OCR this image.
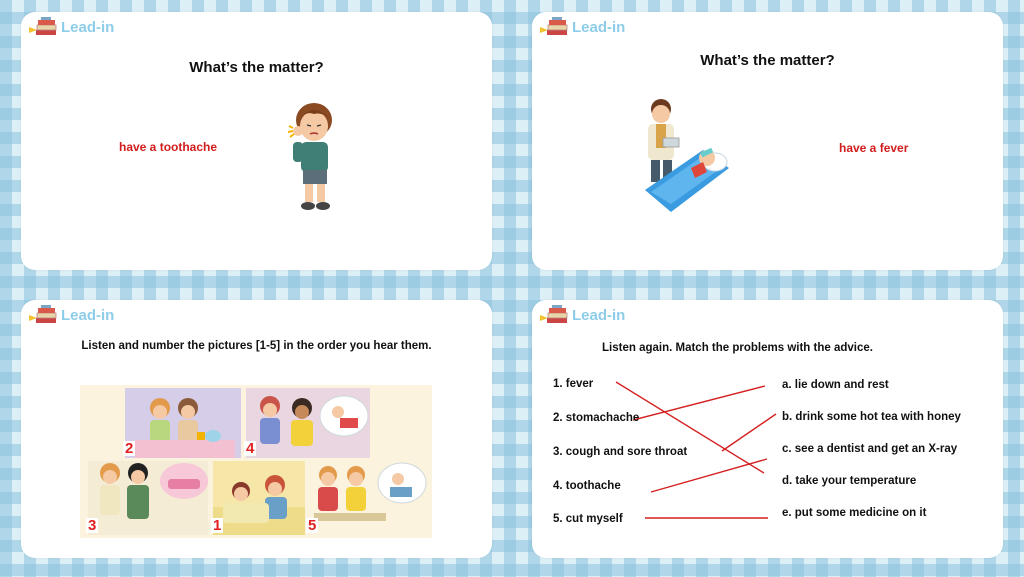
Lead-in
What’s the matter?
have a toothache
Lead-in
What’s the matter?
have a fever
Lead-in
Listen and number the pictures [1-5] in the order you hear them.
2	4
3	1	5
Lead-in
Listen again. Match the problems with the advice.
1. fever
2. stomachache
3. cough and sore throat
4. toothache
5. cut myself
a. lie down and rest
b. drink some hot tea with honey
c. see a dentist and get an X-ray
d. take your temperature
e. put some medicine on it
